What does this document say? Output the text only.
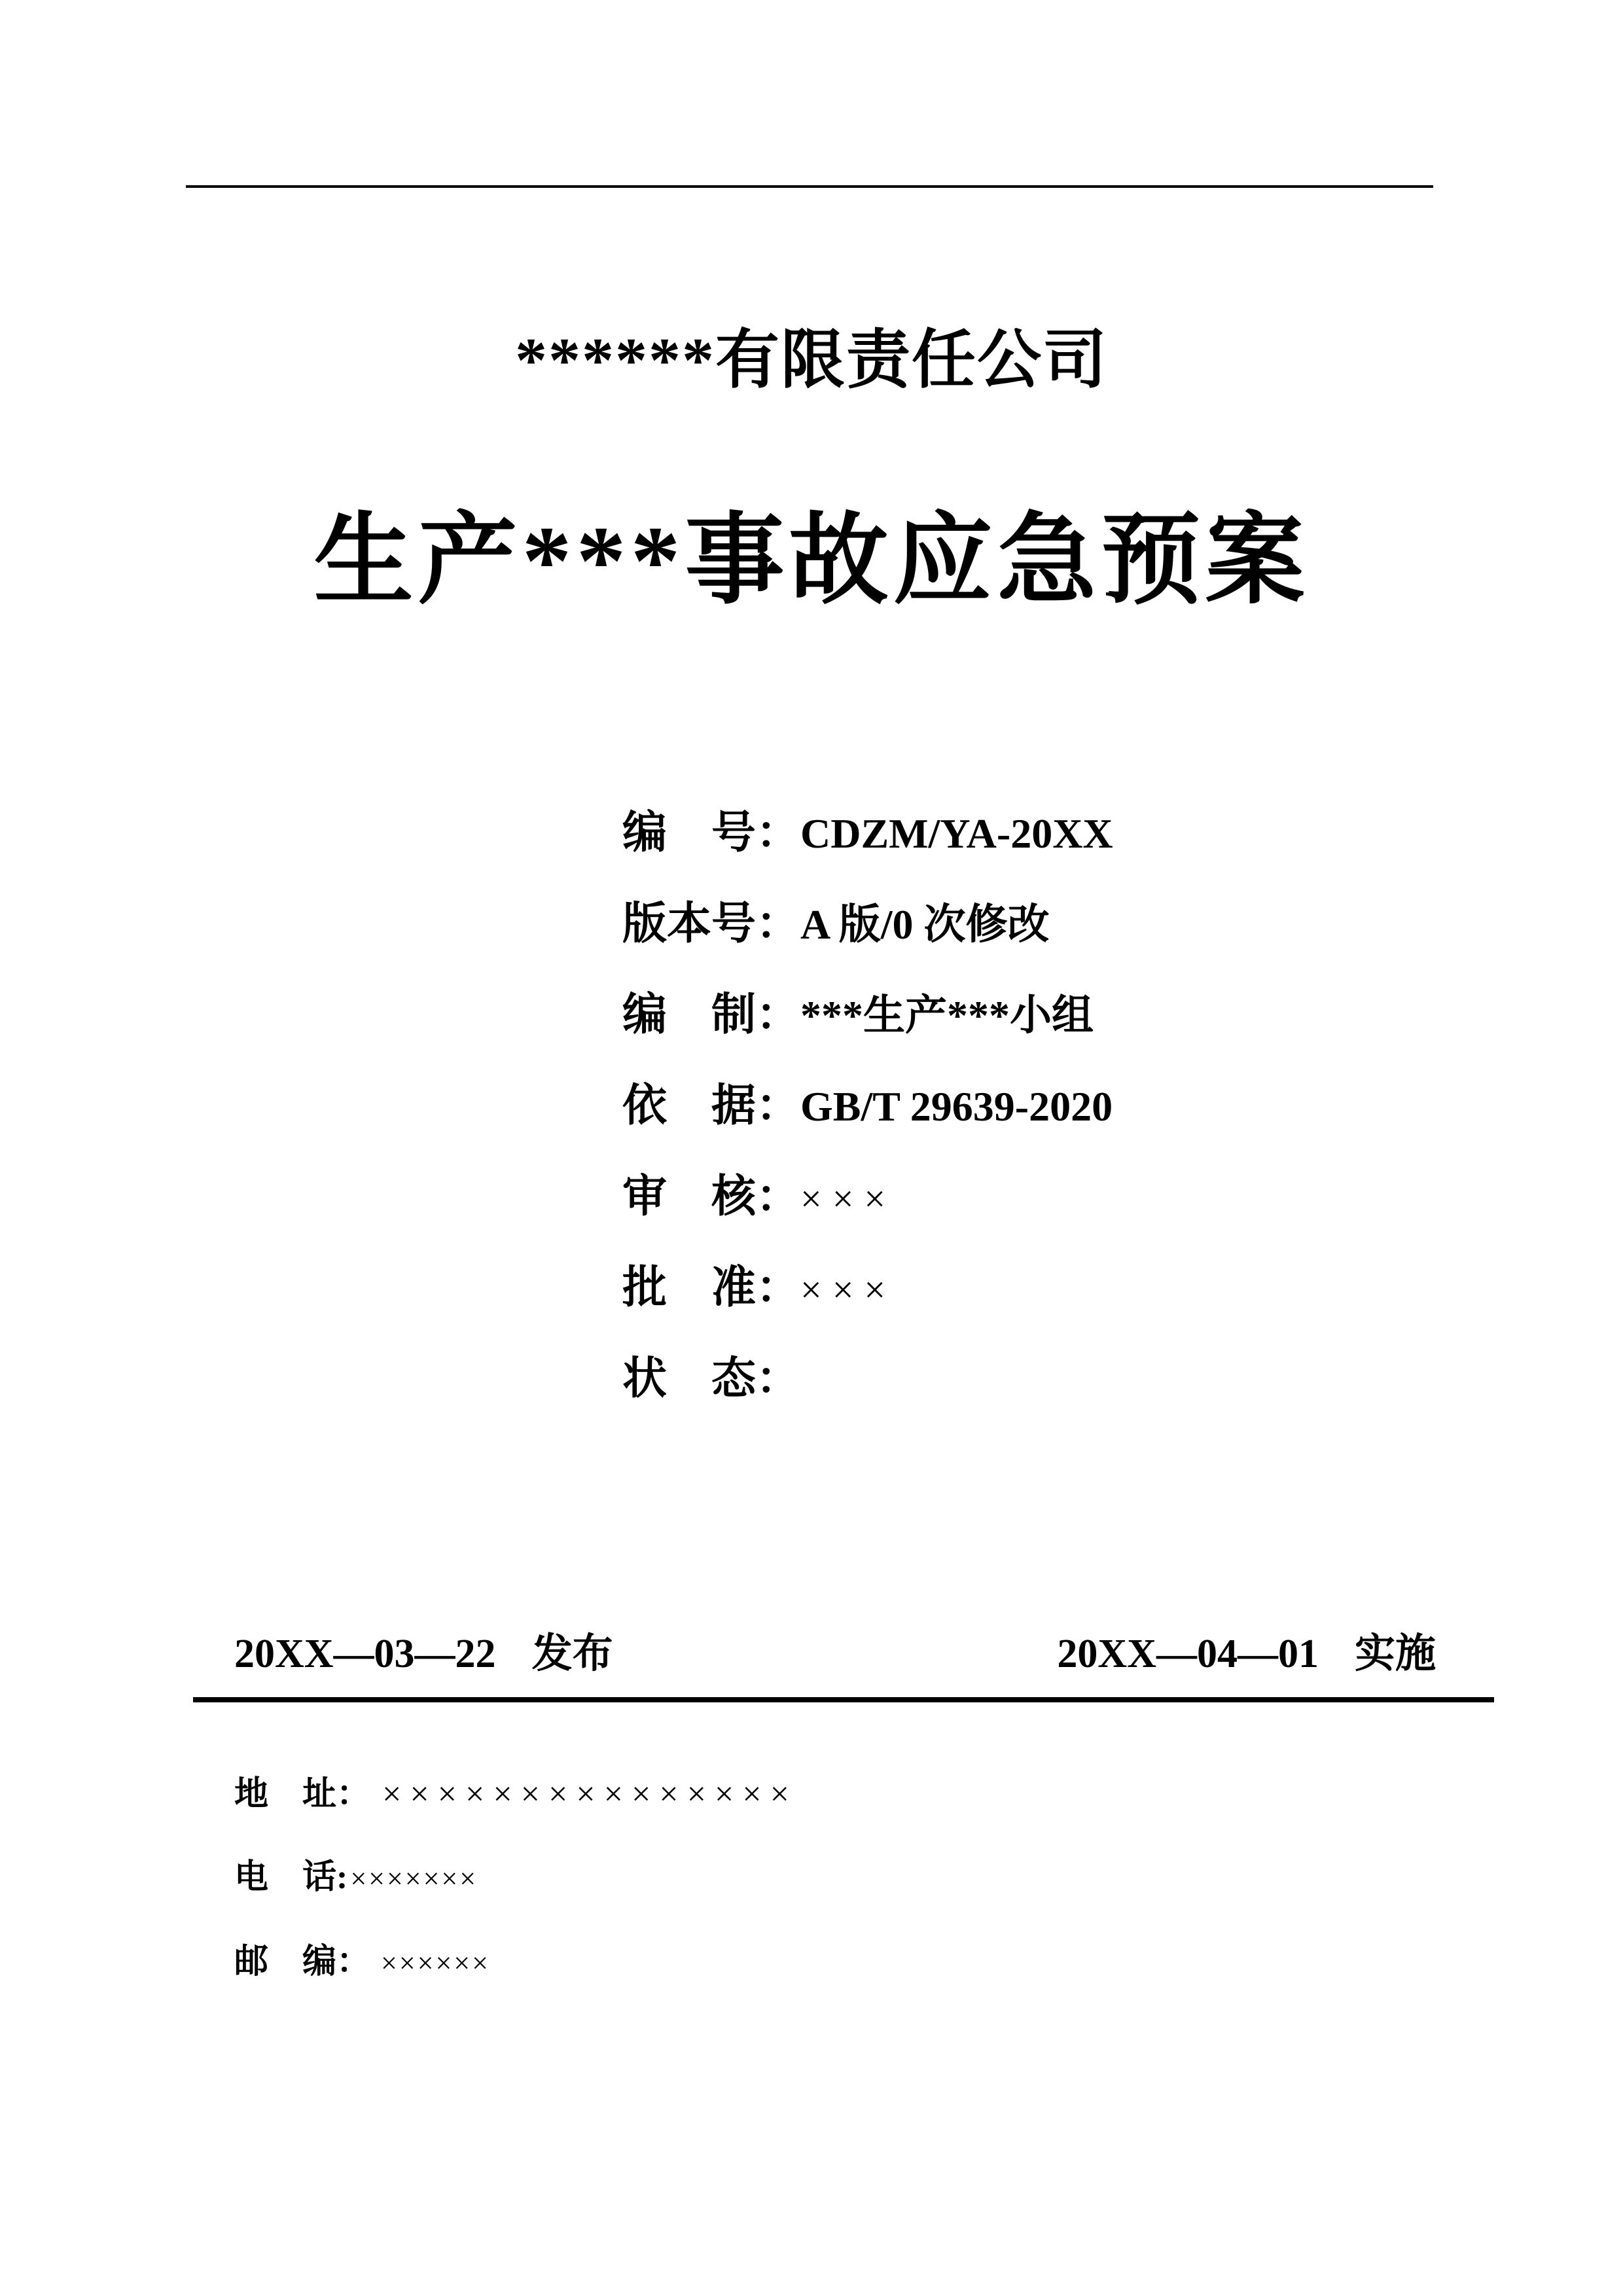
******有限责任公司
生产***事故应急预案
编　号：CDZM/YA-20XX
版本号：A 版/0 次修改
编　制：***生产***小组
依　据：GB/T 29639-2020
审　核：×××
批　准：×××
状　态：
20XX—03—22 发布	20XX—04—01 实施
地　址： ×××××××××××××××
电　话:×××××××
邮　编： ××××××
